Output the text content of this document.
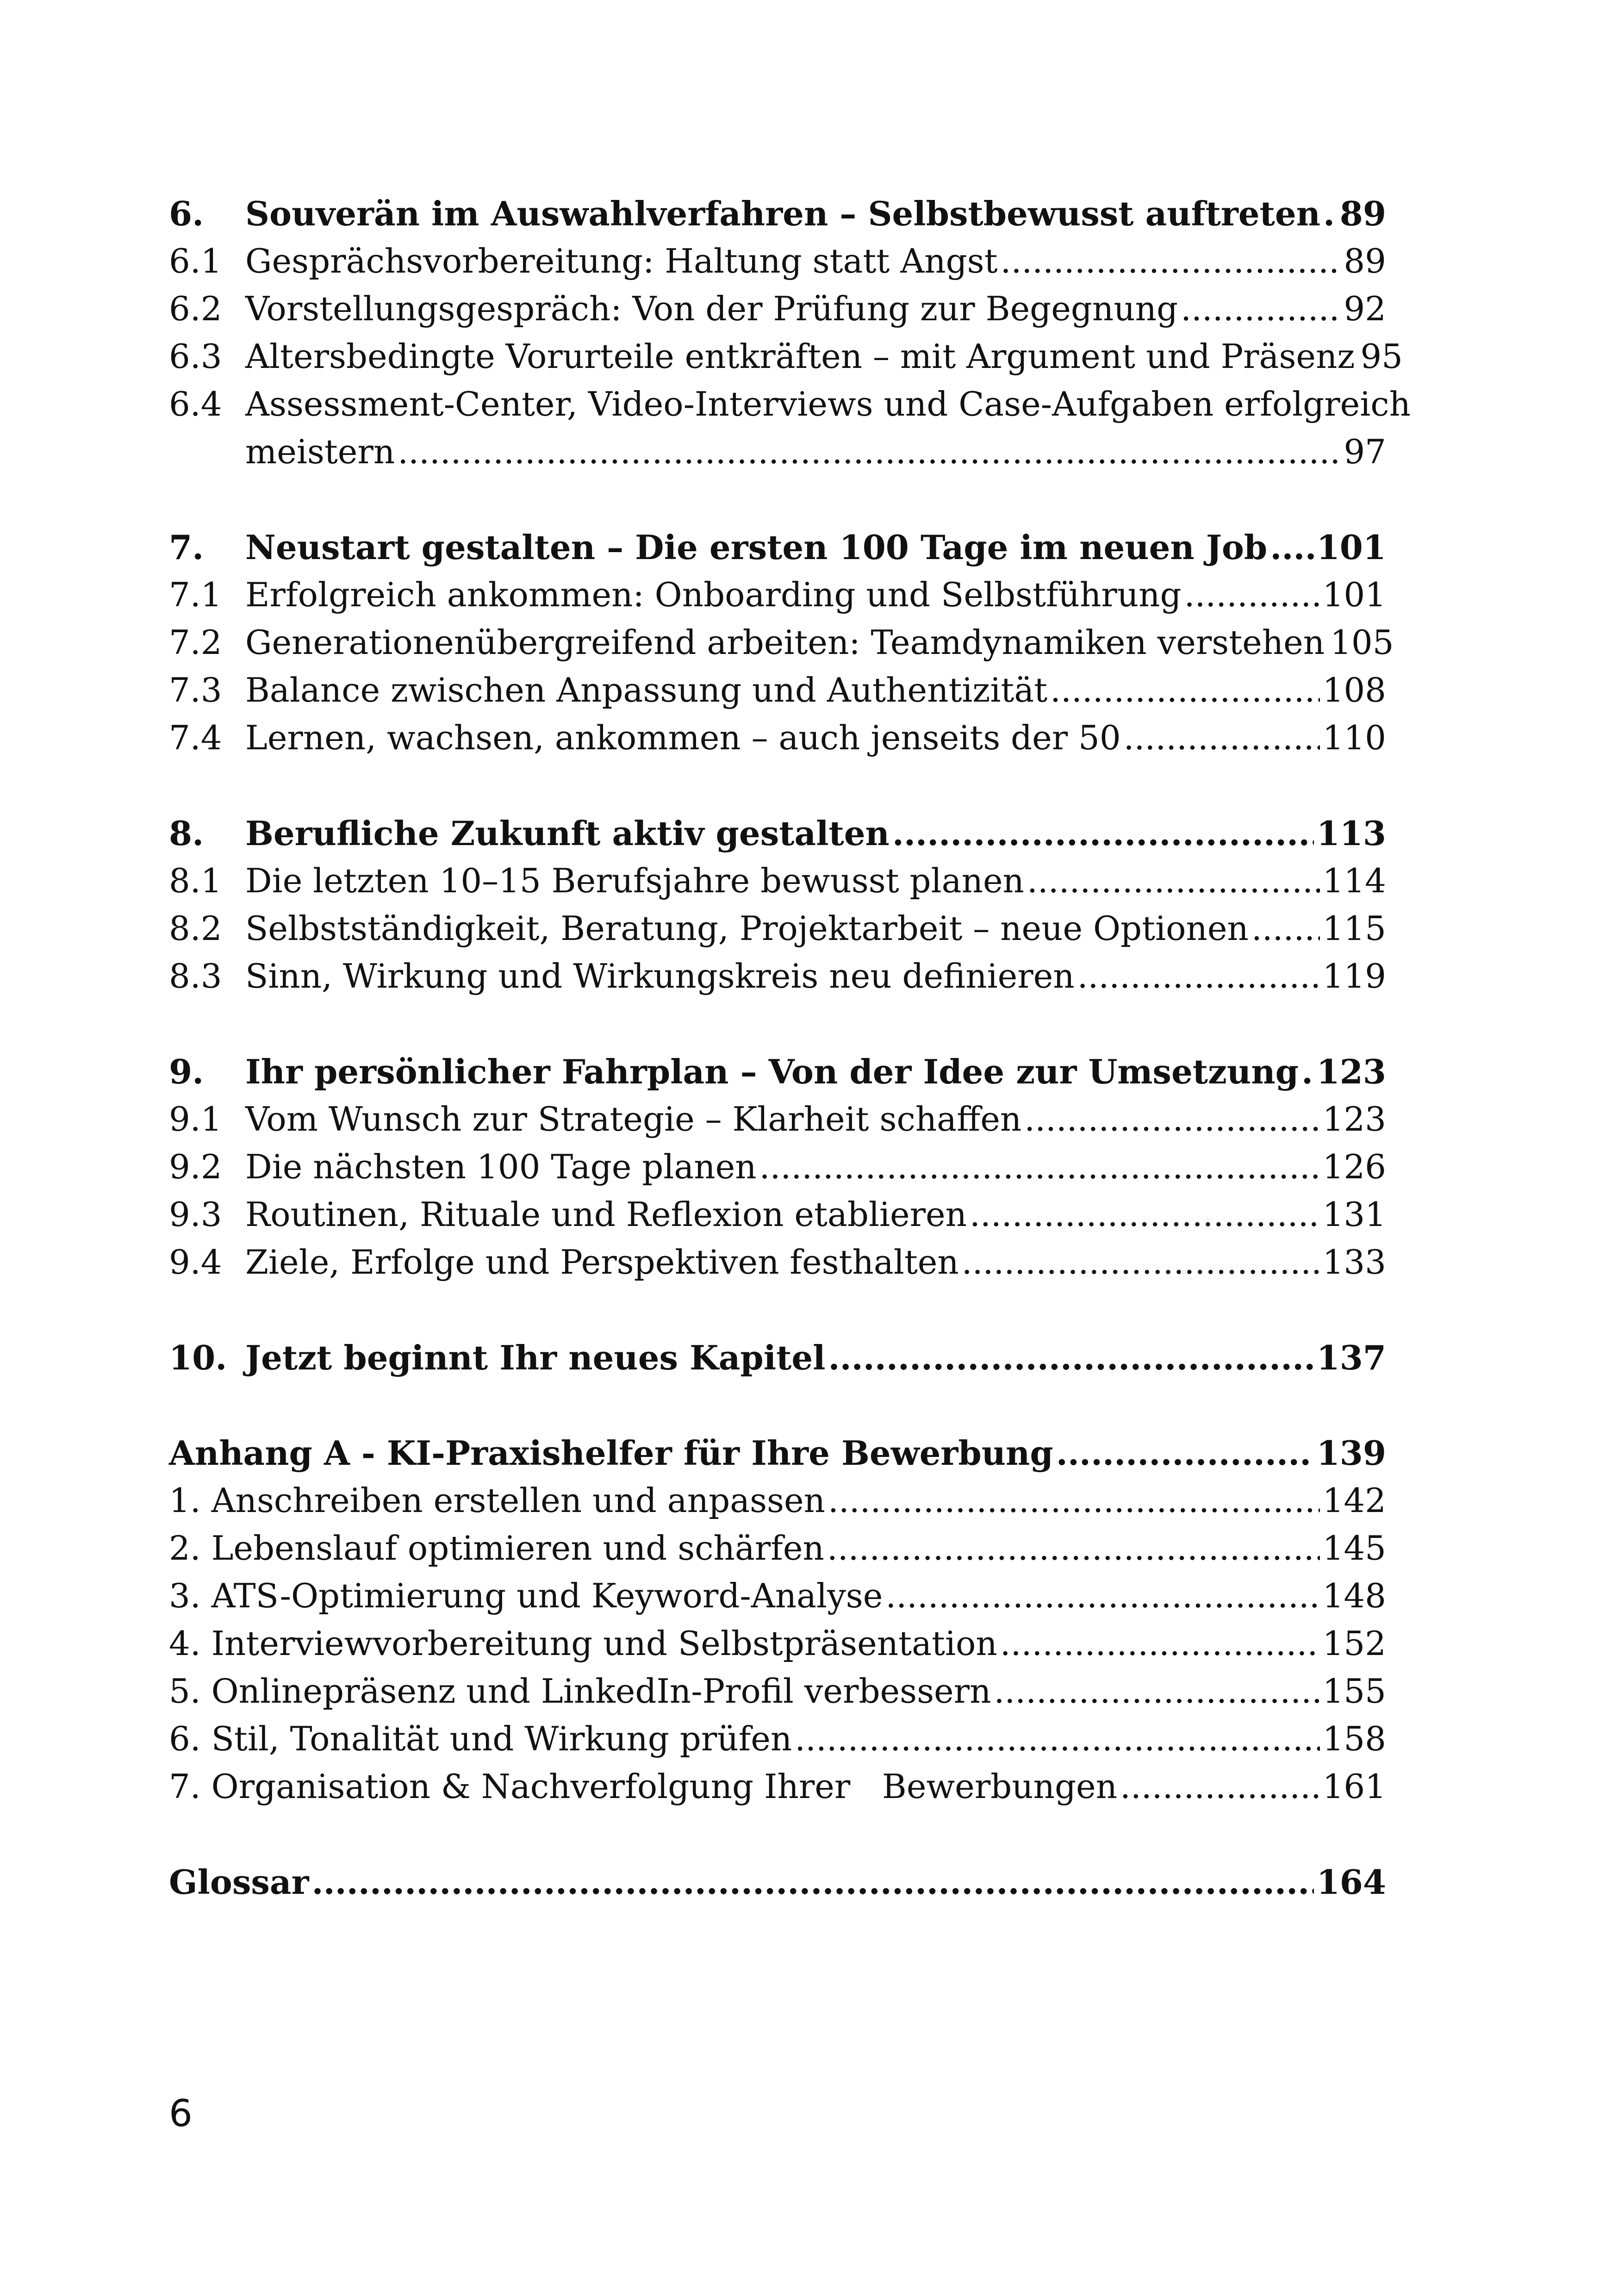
6.	Souverän im Auswahlverfahren – Selbstbewusst auftreten ..... 89
6.1 Gesprächsvorbereitung: Haltung statt Angst .....	89
6.2 Vorstellungsgespräch: Von der Prüfung zur Begegnung .....	92
6.3 Altersbedingte Vorurteile entkräften – mit Argument und Präsenz 95
6.4 Assessment-Center, Video-Interviews und Case-Aufgaben erfolgreich
meistern .....	97
7.	Neustart gestalten – Die ersten 100 Tage im neuen Job ..... 101
7.1 Erfolgreich ankommen: Onboarding und Selbstführung .....	101
7.2 Generationenübergreifend arbeiten: Teamdynamiken verstehen 105
7.3 Balance zwischen Anpassung und Authentizität .....	108
7.4 Lernen, wachsen, ankommen – auch jenseits der 50 .....	110
8.	Berufliche Zukunft aktiv gestalten .....	113
8.1 Die letzten 10–15 Berufsjahre bewusst planen .....	114
8.2 Selbstständigkeit, Beratung, Projektarbeit – neue Optionen ..... 115
8.3 Sinn, Wirkung und Wirkungskreis neu definieren .....	119
9.	Ihr persönlicher Fahrplan – Von der Idee zur Umsetzung ..... 123
9.1 Vom Wunsch zur Strategie – Klarheit schaffen .....	123
9.2 Die nächsten 100 Tage planen .....	126
9.3 Routinen, Rituale und Reflexion etablieren .....	131
9.4 Ziele, Erfolge und Perspektiven festhalten .....	133
10. Jetzt beginnt Ihr neues Kapitel .....	137
Anhang A - KI-Praxishelfer für Ihre Bewerbung .....	139
1. Anschreiben erstellen und anpassen .....	142
2. Lebenslauf optimieren und schärfen .....	145
3. ATS-Optimierung und Keyword-Analyse .....	148
4. Interviewvorbereitung und Selbstpräsentation .....	152
5. Onlinepräsenz und LinkedIn-Profil verbessern .....	155
6. Stil, Tonalität und Wirkung prüfen .....	158
7. Organisation & Nachverfolgung Ihrer   Bewerbungen .....	161
Glossar .....	164
6
